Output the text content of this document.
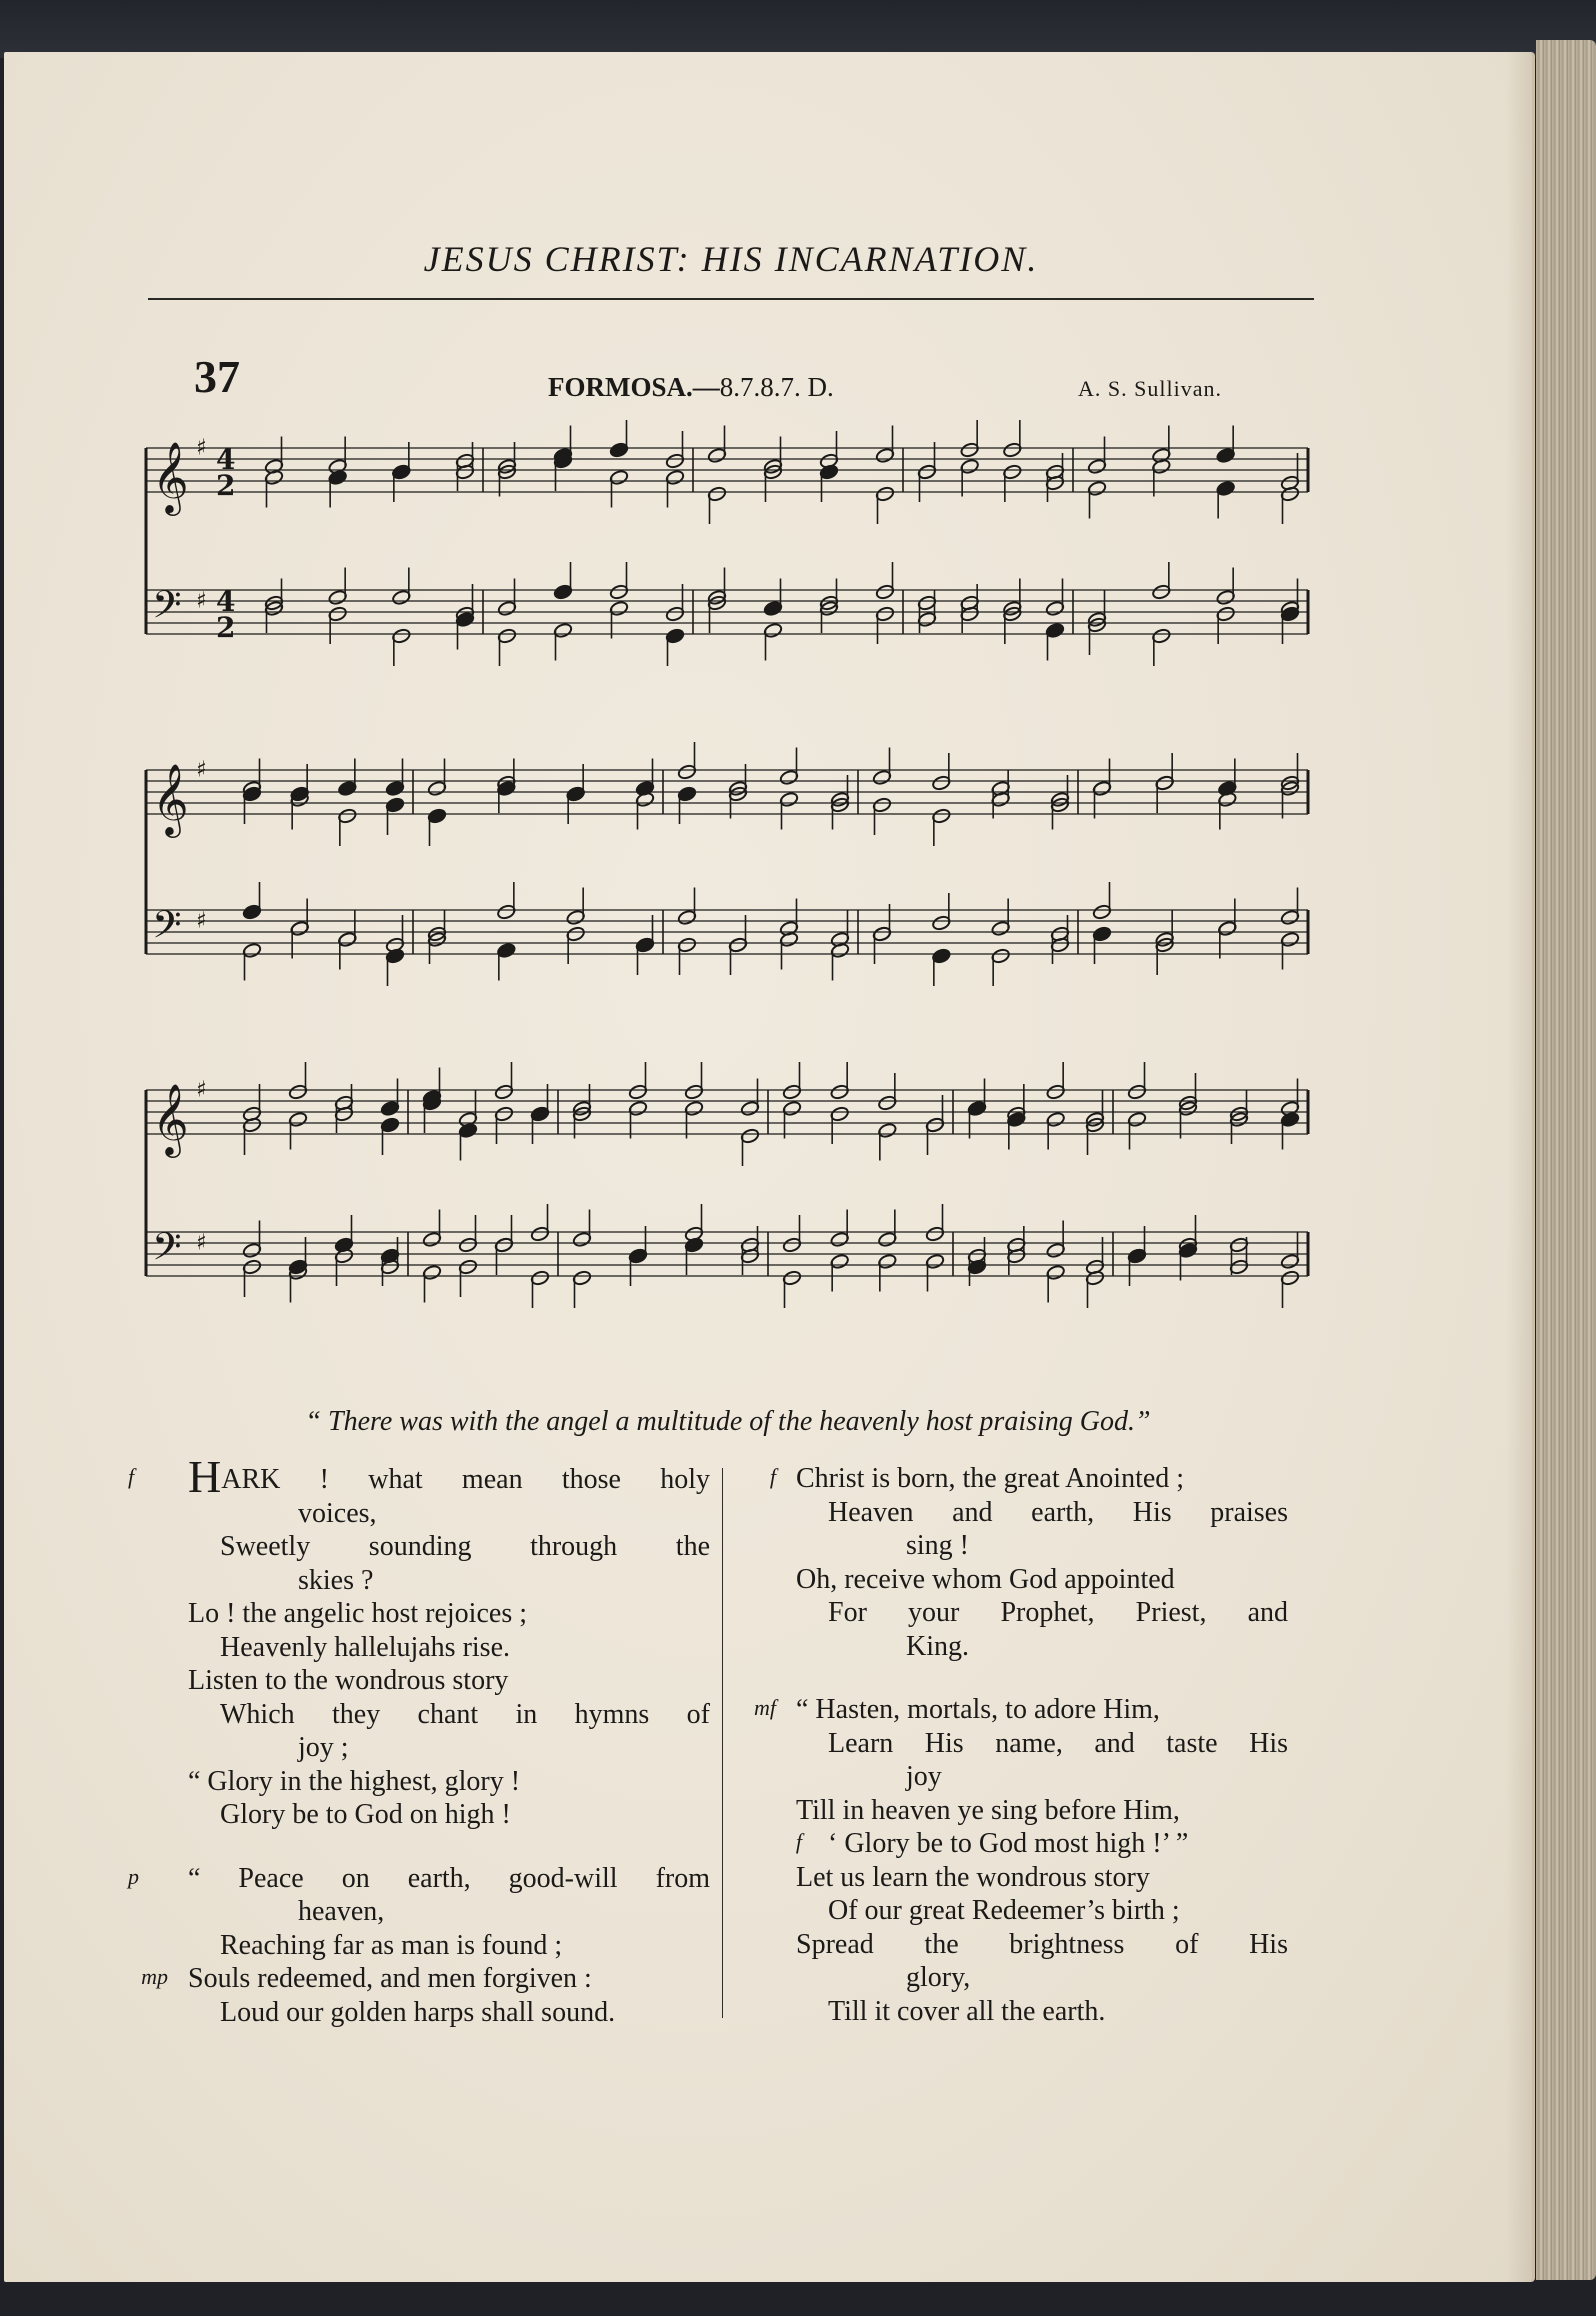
JESUS CHRIST: HIS INCARNATION.
37	FORMOSA.—8.7.8.7. D.	A. S. Sullivan.
𝄞 ♯ 4
2
𝄢 ♯ 4
2
𝄞 ♯
𝄢 ♯
𝄞 ♯
𝄢 ♯
“ There was with the angel a multitude of the heavenly host praising God.”
f	HARK ! what mean those holy
voices,
Sweetly sounding through the
skies ?
Lo ! the angelic host rejoices ;
Heavenly hallelujahs rise.
Listen to the wondrous story
Which they chant in hymns of
joy ;
“ Glory in the highest, glory !
Glory be to God on high !
p	“ Peace on earth, good-will from
heaven,
Reaching far as man is found ;
mp Souls redeemed, and men forgiven :
Loud our golden harps shall sound.
f Christ is born, the great Anointed ;
Heaven and earth, His praises
sing !
Oh, receive whom God appointed
For your Prophet, Priest, and
King.
mf “ Hasten, mortals, to adore Him,
Learn His name, and taste His
joy
Till in heaven ye sing before Him,
f ‘ Glory be to God most high !’ ”
Let us learn the wondrous story
Of our great Redeemer’s birth ;
Spread the brightness of His
glory,
Till it cover all the earth.
